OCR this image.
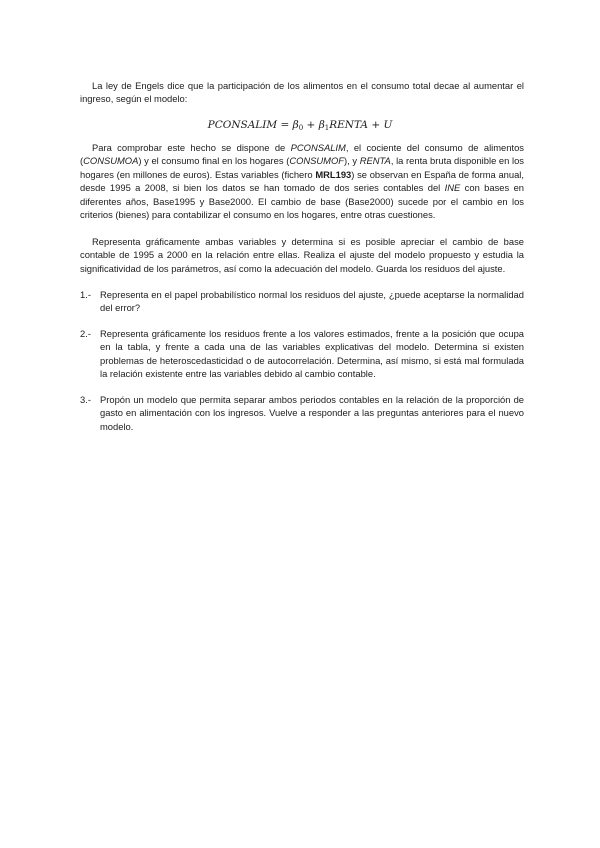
La ley de Engels dice que la participación de los alimentos en el consumo total decae al aumentar el ingreso, según el modelo:

PCONSALIM = $\beta_0$ + $\beta_1RENTA + U$

Para comprobar este hecho se dispone de PCONSALIM, el cociente del consumo de alimentos (CONSUMOA) y el consumo final en los hogares (CONSUMOF), y RENTA, la renta bruta disponible en los hogares (en millones de euros). Estas variables (fichero MRL193) se observan en España de forma anual, desde 1995 a 2008, si bien los datos se han tomado de dos series contables del INE con bases en diferentes años, Base1995 y Base2000. El cambio de base (Base2000) sucede por el cambio en los criterios (bienes) para contabilizar el consumo en los hogares, entre otras cuestiones.

Representa gráficamente ambas variables y determina si es posible apreciar el cambio de base contable de 1995 a 2000 en la relación entre ellas. Realiza el ajuste del modelo propuesto y estudia la significatividad de los parámetros, así como la adecuación del modelo. Guarda los residuos del ajuste.

1.- Representa en el papel probabilístico normal los residuos del ajuste, ¿puede aceptarse la normalidad del error?
2.- Representa gráficamente los residuos frente a los valores estimados, frente a la posición que ocupa en la tabla, y frente a cada una de las variables explicativas del modelo. Determina si existen problemas de heteroscedasticidad o de autocorrelación. Determina, así mismo, si está mal formulada la relación existente entre las variables debido al cambio contable.
3.- Propón un modelo que permita separar ambos periodos contables en la relación de la proporción de gasto en alimentación con los ingresos. Vuelve a responder a las preguntas anteriores para el nuevo modelo.
